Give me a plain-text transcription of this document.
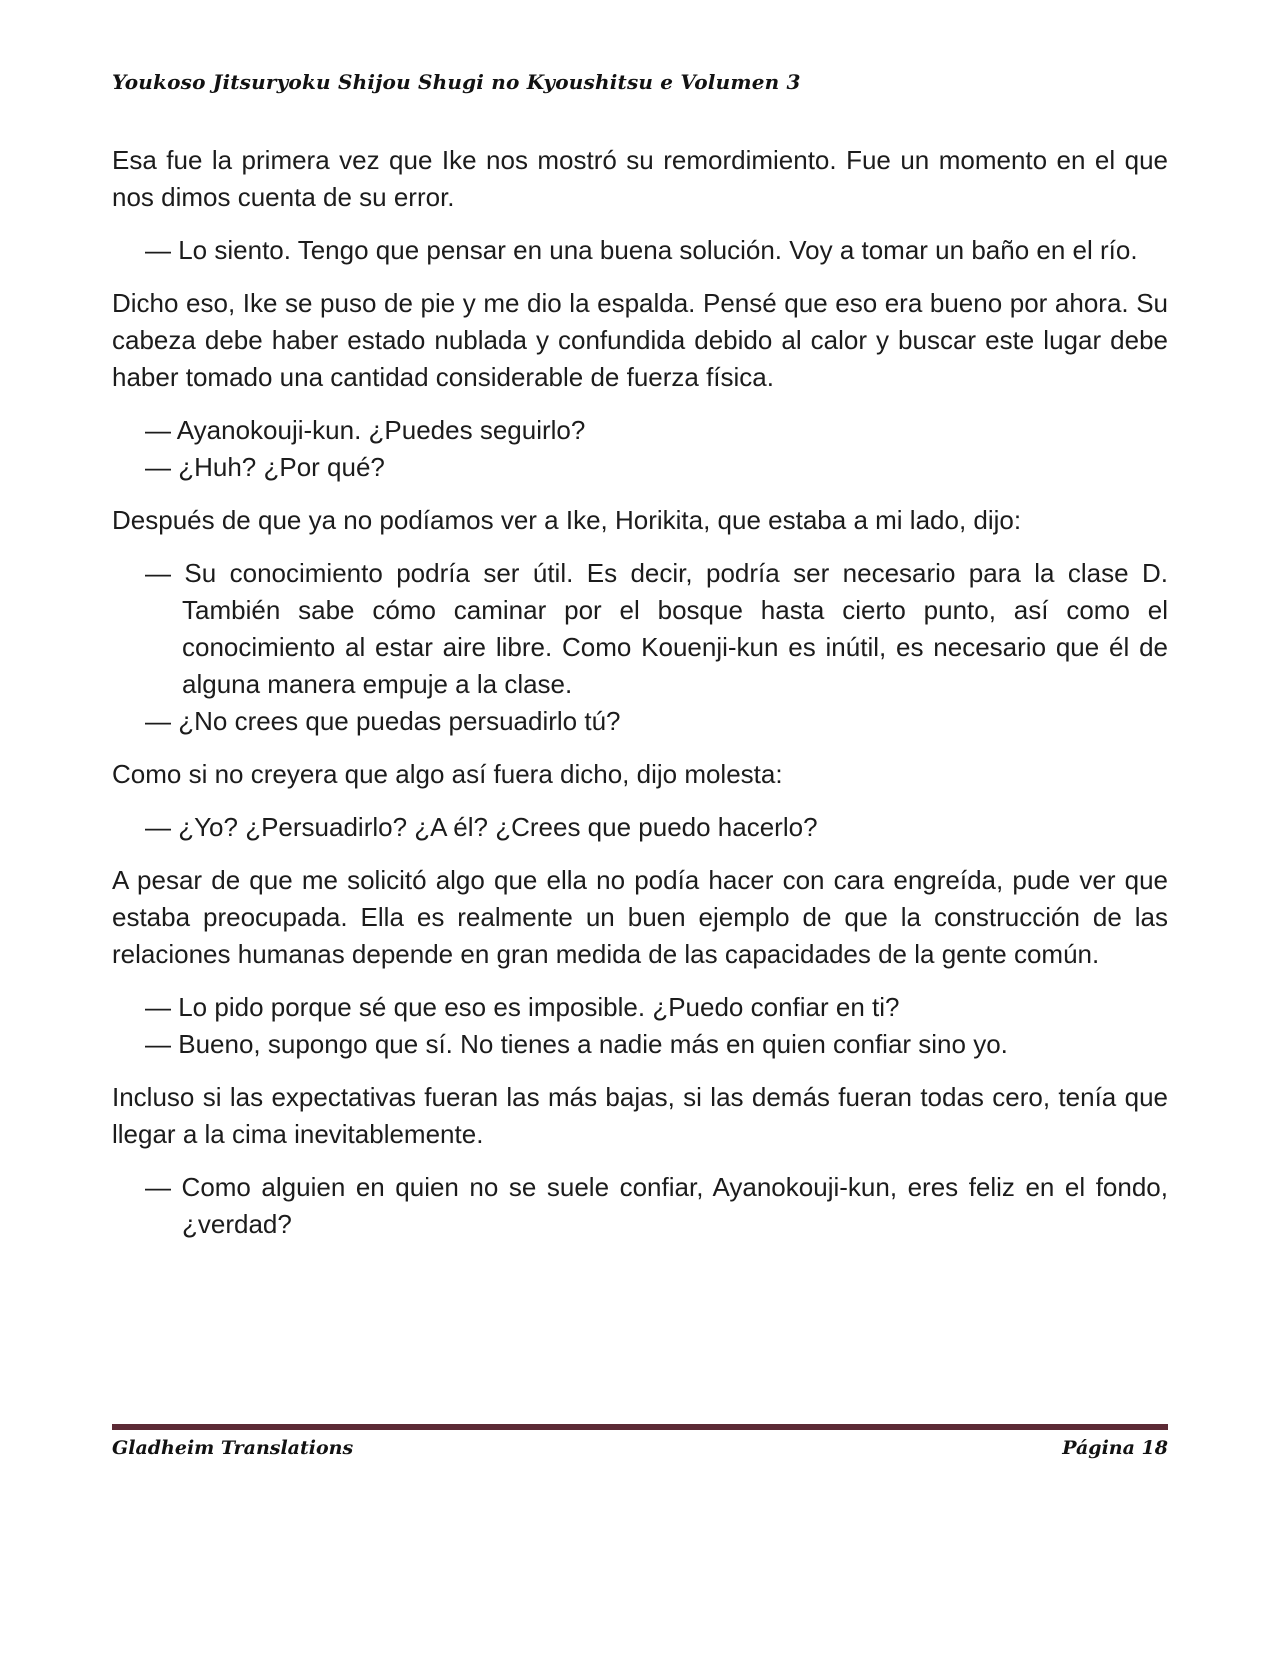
Youkoso Jitsuryoku Shijou Shugi no Kyoushitsu e Volumen 3

Esa fue la primera vez que Ike nos mostró su remordimiento. Fue un momento en el que nos dimos cuenta de su error.

— Lo siento. Tengo que pensar en una buena solución. Voy a tomar un baño en el río.

Dicho eso, Ike se puso de pie y me dio la espalda. Pensé que eso era bueno por ahora. Su cabeza debe haber estado nublada y confundida debido al calor y buscar este lugar debe haber tomado una cantidad considerable de fuerza física.

— Ayanokouji-kun. ¿Puedes seguirlo?

— ¿Huh? ¿Por qué?

Después de que ya no podíamos ver a Ike, Horikita, que estaba a mi lado, dijo:

— Su conocimiento podría ser útil. Es decir, podría ser necesario para la clase D. También sabe cómo caminar por el bosque hasta cierto punto, así como el conocimiento al estar aire libre. Como Kouenji-kun es inútil, es necesario que él de alguna manera empuje a la clase.

— ¿No crees que puedas persuadirlo tú?

Como si no creyera que algo así fuera dicho, dijo molesta:

— ¿Yo? ¿Persuadirlo? ¿A él? ¿Crees que puedo hacerlo?

A pesar de que me solicitó algo que ella no podía hacer con cara engreída, pude ver que estaba preocupada. Ella es realmente un buen ejemplo de que la construcción de las relaciones humanas depende en gran medida de las capacidades de la gente común.

— Lo pido porque sé que eso es imposible. ¿Puedo confiar en ti?

— Bueno, supongo que sí. No tienes a nadie más en quien confiar sino yo.

Incluso si las expectativas fueran las más bajas, si las demás fueran todas cero, tenía que llegar a la cima inevitablemente.

— Como alguien en quien no se suele confiar, Ayanokouji-kun, eres feliz en el fondo, ¿verdad?

Gladheim Translations	Página 18
